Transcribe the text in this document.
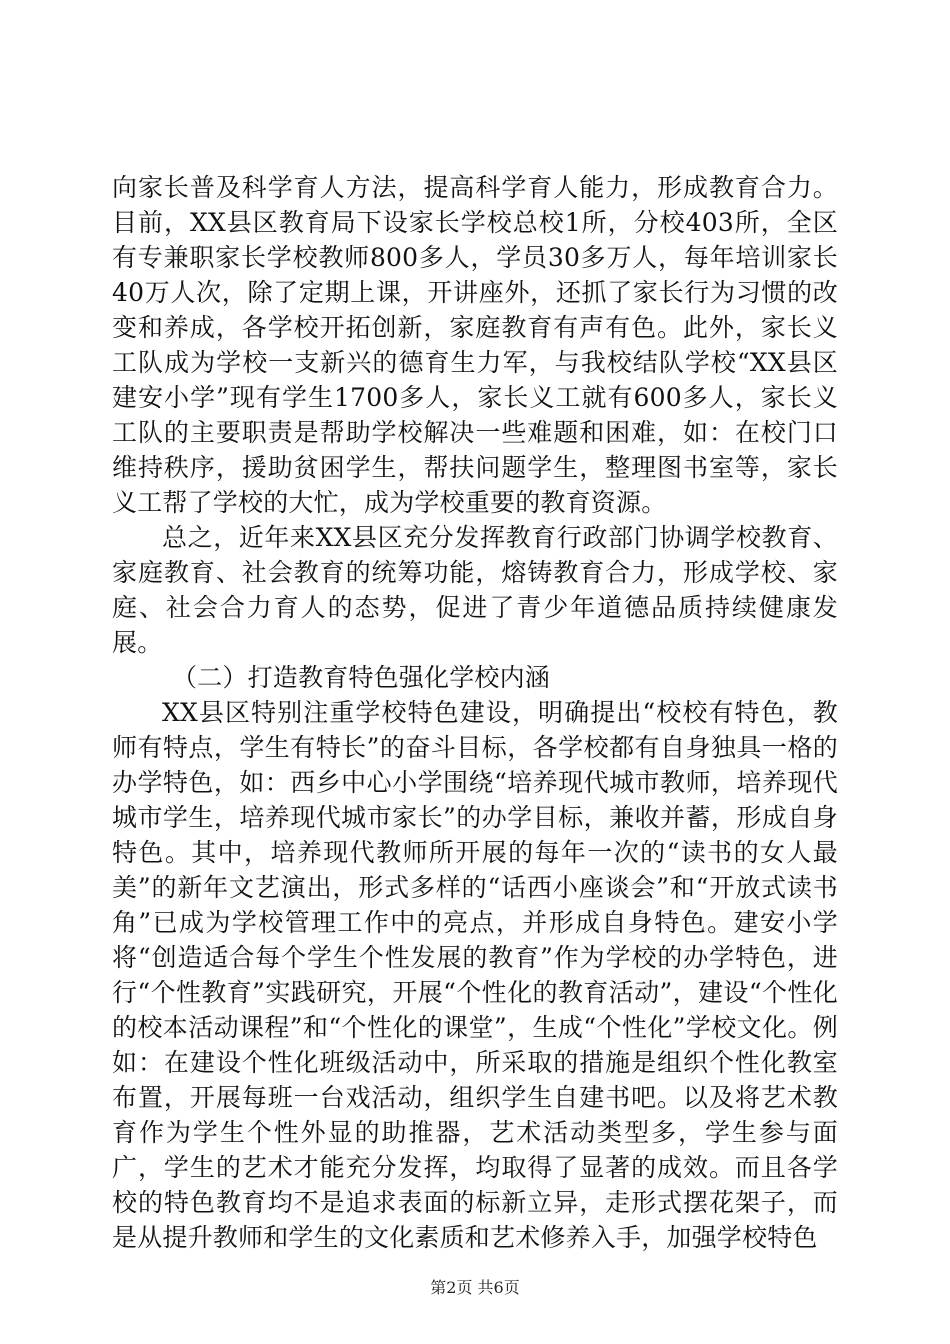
向家长普及科学育人方法，提高科学育人能力，形成教育合力。目前，XX县区教育局下设家长学校总校1所，分校403所，全区有专兼职家长学校教师800多人，学员30多万人，每年培训家长40万人次，除了定期上课，开讲座外，还抓了家长行为习惯的改变和养成，各学校开拓创新，家庭教育有声有色。此外，家长义工队成为学校一支新兴的德育生力军，与我校结队学校“XX县区建安小学”现有学生1700多人，家长义工就有600多人，家长义工队的主要职责是帮助学校解决一些难题和困难，如：在校门口维持秩序，援助贫困学生，帮扶问题学生，整理图书室等，家长义工帮了学校的大忙，成为学校重要的教育资源。

总之，近年来XX县区充分发挥教育行政部门协调学校教育、家庭教育、社会教育的统筹功能，熔铸教育合力，形成学校、家庭、社会合力育人的态势，促进了青少年道德品质持续健康发展。

（二）打造教育特色强化学校内涵

XX县区特别注重学校特色建设，明确提出“校校有特色，教师有特点，学生有特长”的奋斗目标，各学校都有自身独具一格的办学特色，如：西乡中心小学围绕“培养现代城市教师，培养现代城市学生，培养现代城市家长”的办学目标，兼收并蓄，形成自身特色。其中，培养现代教师所开展的每年一次的“读书的女人最美”的新年文艺演出，形式多样的“话西小座谈会”和“开放式读书角”已成为学校管理工作中的亮点，并形成自身特色。建安小学将“创造适合每个学生个性发展的教育”作为学校的办学特色，进行“个性教育”实践研究，开展“个性化的教育活动”，建设“个性化的校本活动课程”和“个性化的课堂”，生成“个性化”学校文化。例如：在建设个性化班级活动中，所采取的措施是组织个性化教室布置，开展每班一台戏活动，组织学生自建书吧。以及将艺术教育作为学生个性外显的助推器，艺术活动类型多，学生参与面广，学生的艺术才能充分发挥，均取得了显著的成效。而且各学校的特色教育均不是追求表面的标新立异，走形式摆花架子，而是从提升教师和学生的文化素质和艺术修养入手，加强学校特色

第2页 共6页
